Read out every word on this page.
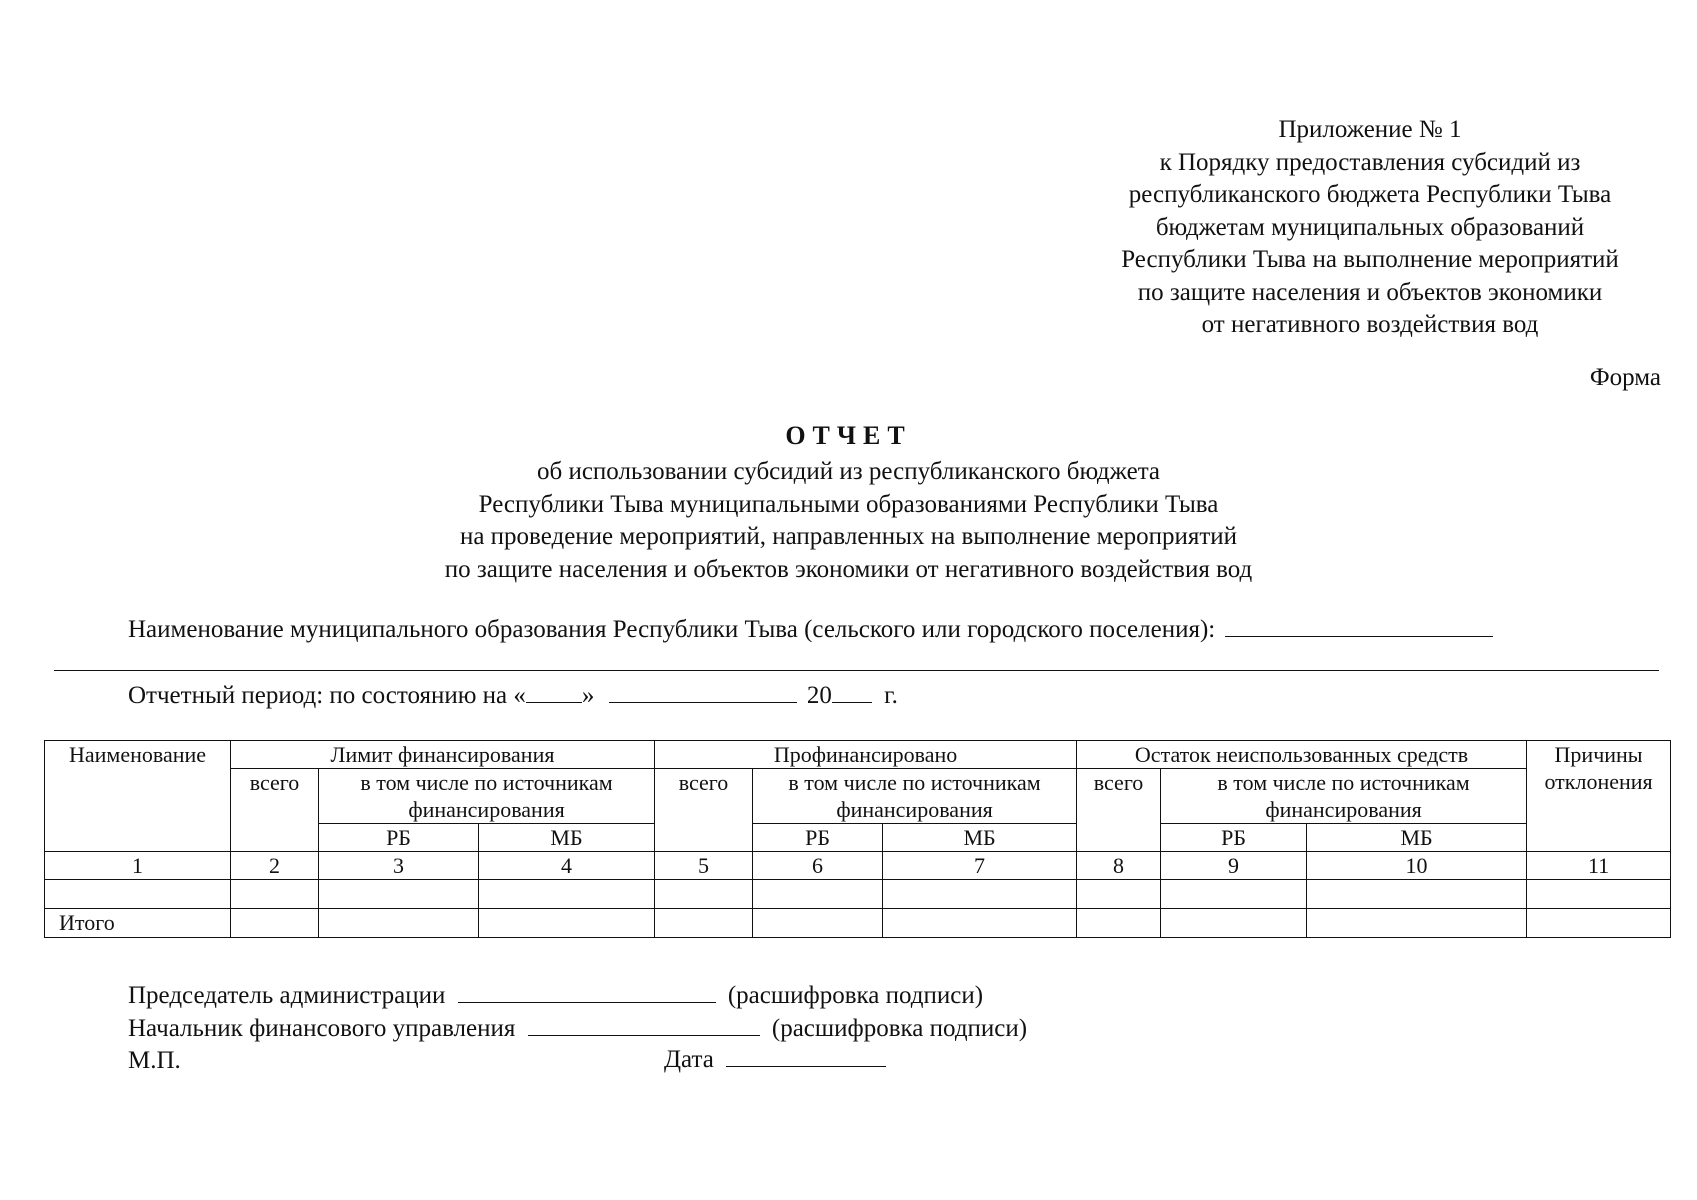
Приложение № 1
к Порядку предоставления субсидий из
республиканского бюджета Республики Тыва
бюджетам муниципальных образований
Республики Тыва на выполнение мероприятий
по защите населения и объектов экономики
от негативного воздействия вод
Форма
ОТЧЕТ
об использовании субсидий из республиканского бюджета
Республики Тыва муниципальными образованиями Республики Тыва
на проведение мероприятий, направленных на выполнение мероприятий
по защите населения и объектов экономики от негативного воздействия вод
Наименование муниципального образования Республики Тыва (сельского или городского поселения):
Отчетный период: по состоянию на « »	20 г.
Наименование	Лимит финансирования			Профинансировано			Остаток неиспользованных средств			Причины отклонения
	всего	в том числе по источникам финансирования		всего	в том числе по источникам финансирования		всего	в том числе по источникам финансирования		
		РБ	МБ		РБ	МБ		РБ	МБ	
1	2	3	4	5	6	7	8	9	10	11

Итого										
Председатель администрации	(расшифровка подписи)
Начальник финансового управления	(расшифровка подписи)
М.П.	Дата
